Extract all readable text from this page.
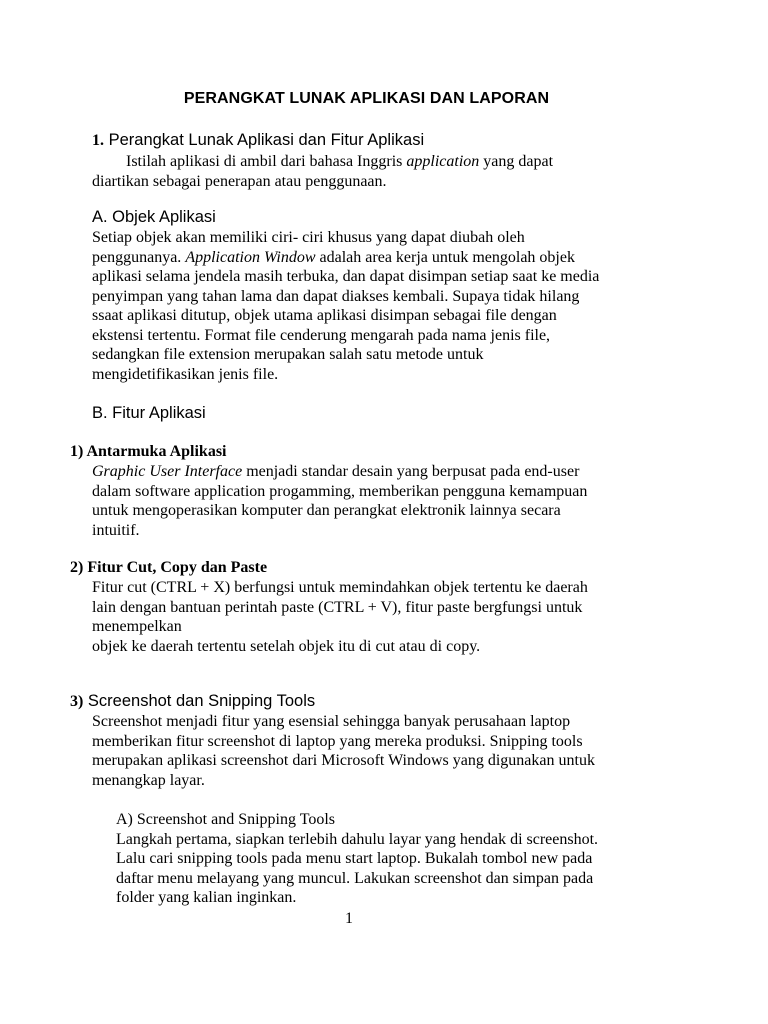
PERANGKAT LUNAK APLIKASI DAN LAPORAN

1. Perangkat Lunak Aplikasi dan Fitur Aplikasi

Istilah aplikasi di ambil dari bahasa Inggris application yang dapat
diartikan sebagai penerapan atau penggunaan.

A. Objek Aplikasi

Setiap objek akan memiliki ciri- ciri khusus yang dapat diubah oleh
penggunanya. Application Window adalah area kerja untuk mengolah objek
aplikasi selama jendela masih terbuka, dan dapat disimpan setiap saat ke media
penyimpan yang tahan lama dan dapat diakses kembali. Supaya tidak hilang
ssaat aplikasi ditutup, objek utama aplikasi disimpan sebagai file dengan
ekstensi tertentu. Format file cenderung mengarah pada nama jenis file,
sedangkan file extension merupakan salah satu metode untuk
mengidetifikasikan jenis file.

B. Fitur Aplikasi

1) Antarmuka Aplikasi

Graphic User Interface menjadi standar desain yang berpusat pada end-user
dalam software application progamming, memberikan pengguna kemampuan
untuk mengoperasikan komputer dan perangkat elektronik lainnya secara
intuitif.

2) Fitur Cut, Copy dan Paste

Fitur cut (CTRL + X) berfungsi untuk memindahkan objek tertentu ke daerah
lain dengan bantuan perintah paste (CTRL + V), fitur paste bergfungsi untuk
menempelkan
objek ke daerah tertentu setelah objek itu di cut atau di copy.

3) Screenshot dan Snipping Tools

Screenshot menjadi fitur yang esensial sehingga banyak perusahaan laptop
memberikan fitur screenshot di laptop yang mereka produksi. Snipping tools
merupakan aplikasi screenshot dari Microsoft Windows yang digunakan untuk
menangkap layar.
A) Screenshot and Snipping Tools
Langkah pertama, siapkan terlebih dahulu layar yang hendak di screenshot.
Lalu cari snipping tools pada menu start laptop. Bukalah tombol new pada
daftar menu melayang yang muncul. Lakukan screenshot dan simpan pada
folder yang kalian inginkan.

1
